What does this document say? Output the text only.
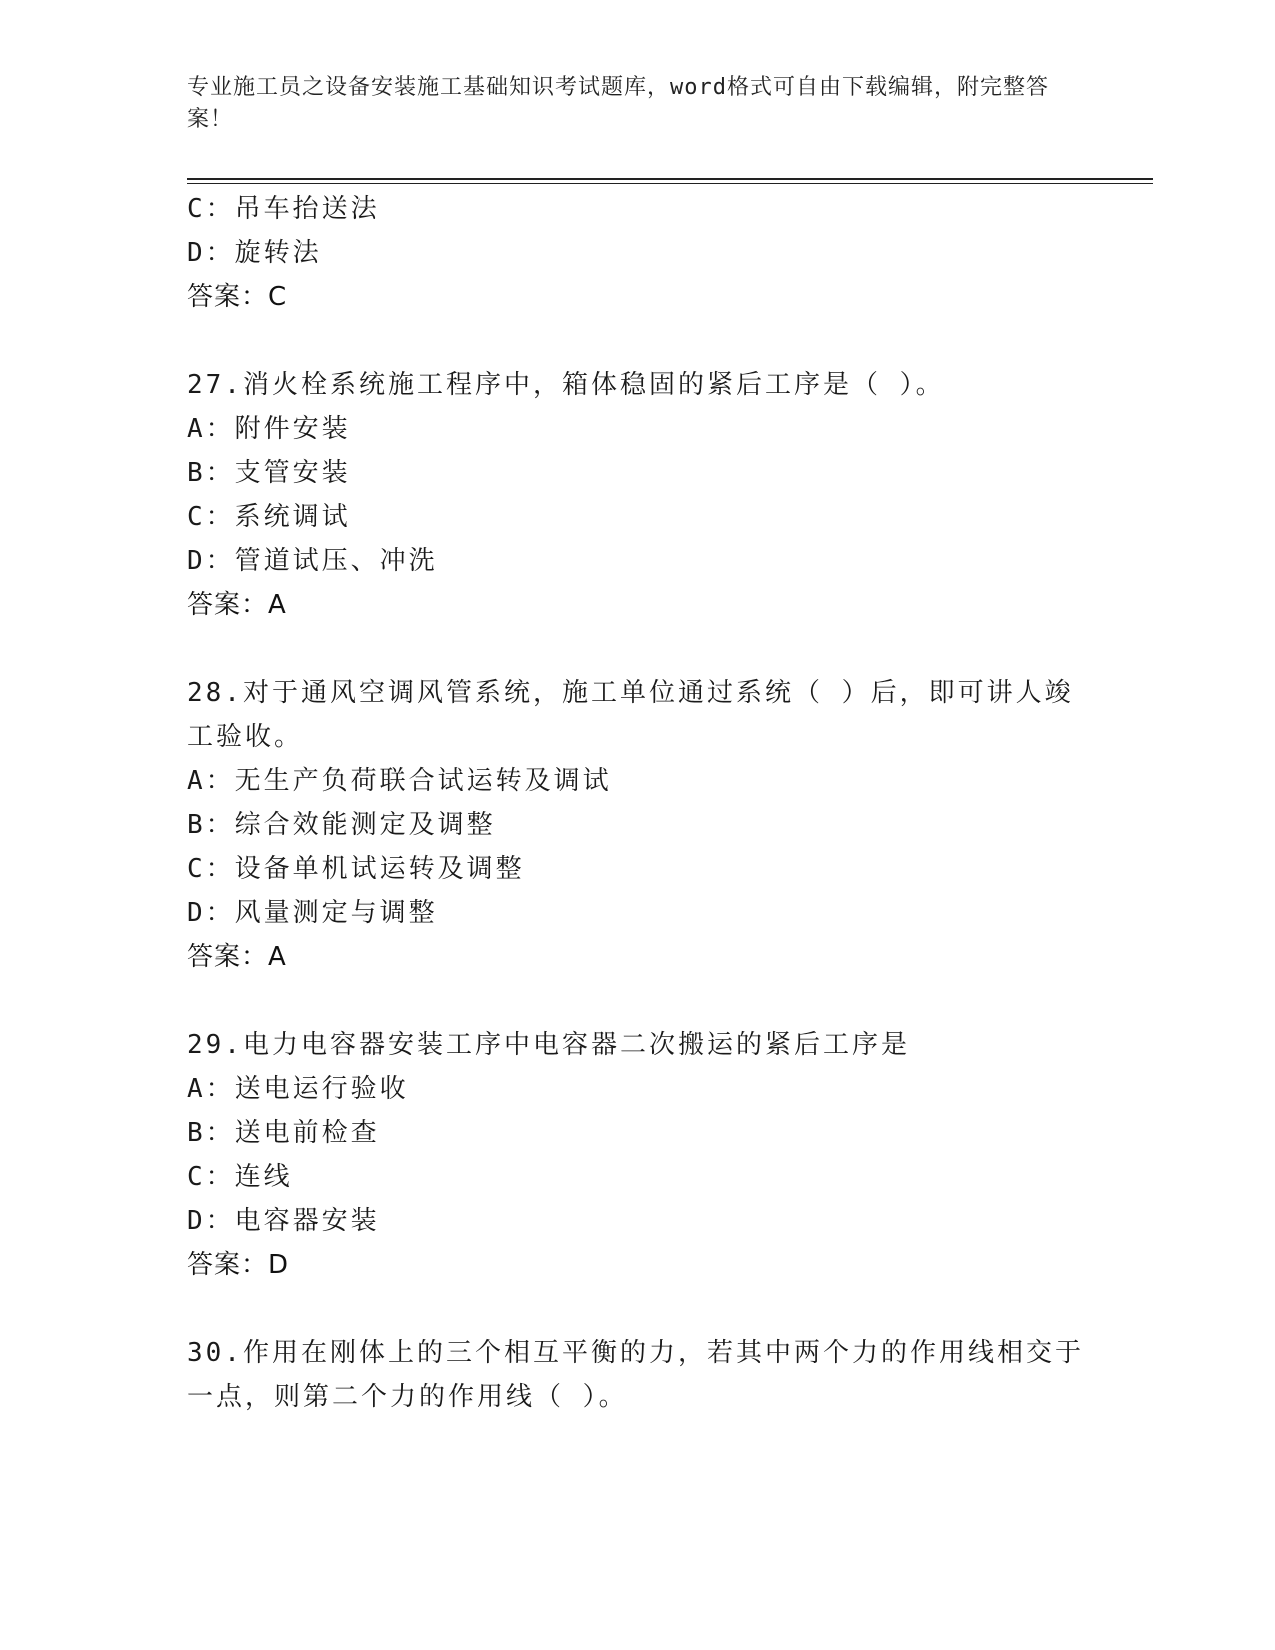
专业施工员之设备安装施工基础知识考试题库，word格式可自由下载编辑，附完整答案！
C：吊车抬送法
D：旋转法
答案：C
27.消火栓系统施工程序中，箱体稳固的紧后工序是（ ）。
A：附件安装
B：支管安装
C：系统调试
D：管道试压、冲洗
答案：A
28.对于通风空调风管系统，施工单位通过系统（ ）后，即可讲人竣
工验收。
A：无生产负荷联合试运转及调试
B：综合效能测定及调整
C：设备单机试运转及调整
D：风量测定与调整
答案：A
29.电力电容器安装工序中电容器二次搬运的紧后工序是
A：送电运行验收
B：送电前检查
C：连线
D：电容器安装
答案：D
30.作用在刚体上的三个相互平衡的力，若其中两个力的作用线相交于
一点，则第二个力的作用线（ ）。
